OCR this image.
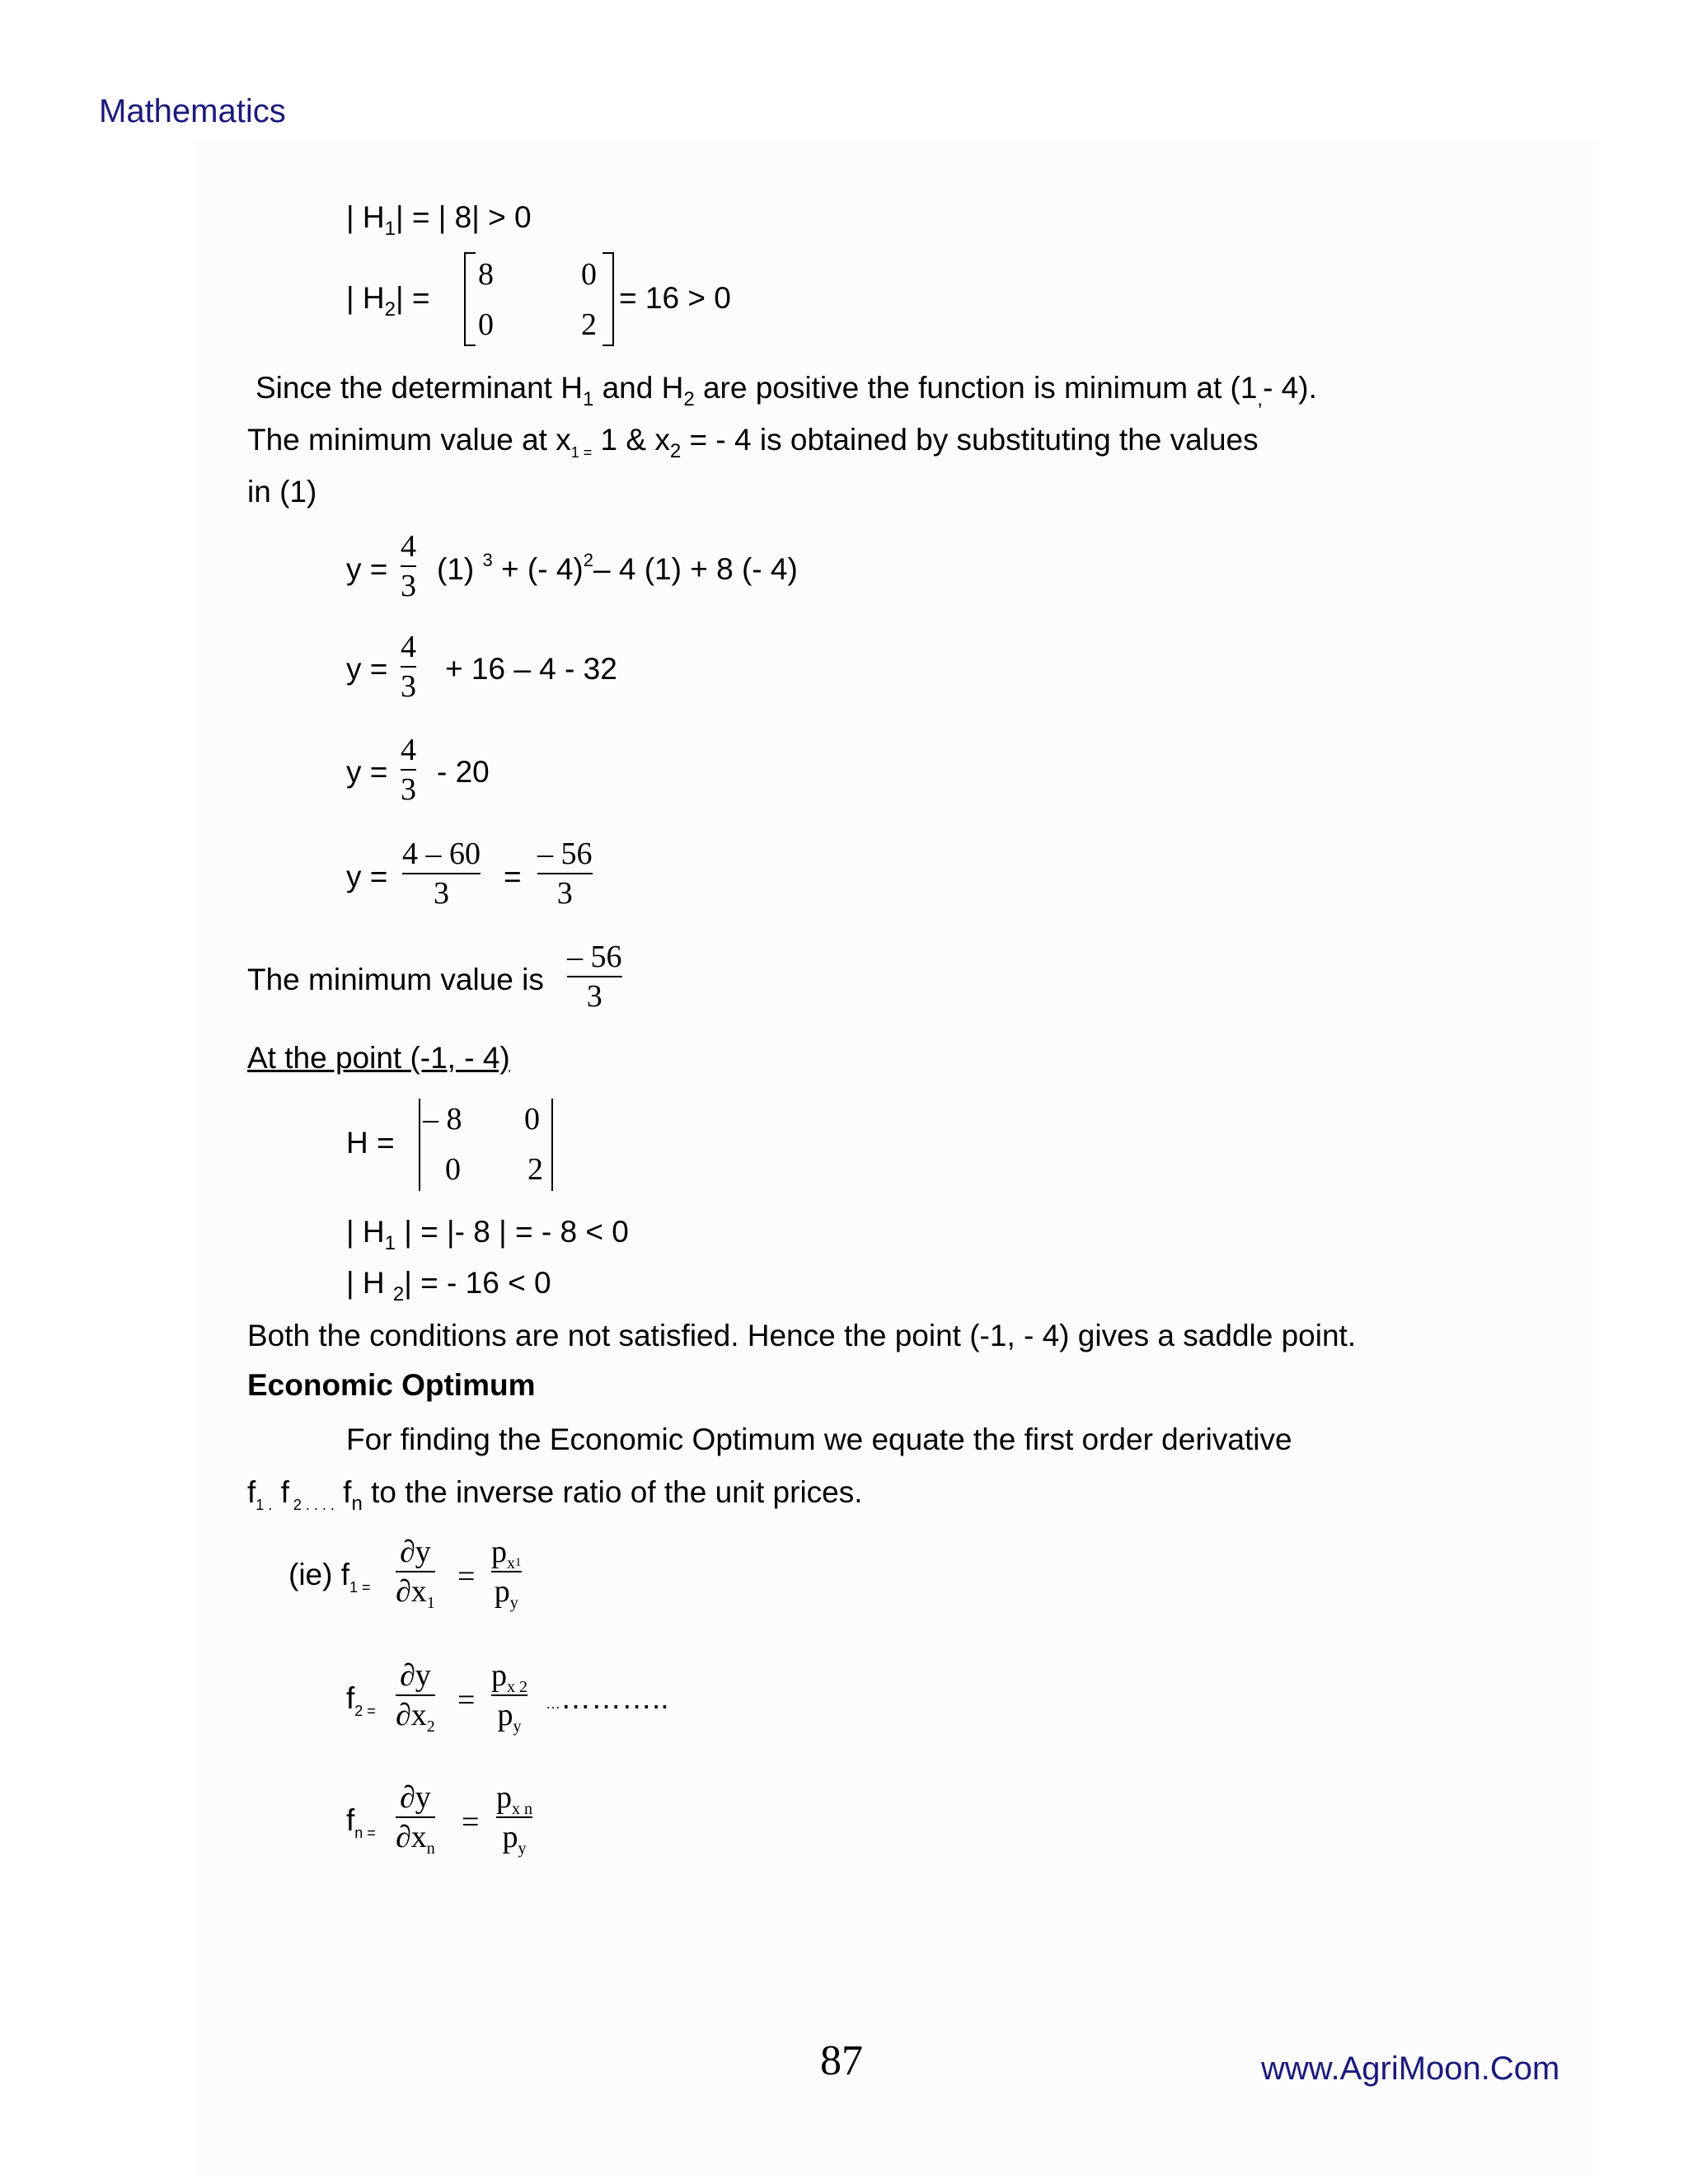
Mathematics
| $H_1|$ = | 8| > 0
| $H_2|$ =
8	0
0	2
= 16 > 0
Since the determinant $H_1$ and $H_2$ are positive the function is minimum at ($1_,-$ 4).
The minimum value at $x_{1 =}$ 1 & $x_2$ = - 4 is obtained by substituting the values
in (1)
y =
4
3 (1) $^3$ + (- 4)$^2$– 4 (1) + 8 (- 4)
y =
4
3
+ 16 – 4 - 32
y =
4
3
- 20
y =
4 – 60
3 =
– 56
3
The minimum value is
– 56
3
At the point (-1, - 4)
H =
– 8 0
0 2
| $H_1$ | = |- 8 | = - 8 < 0
| H $_2$| = - 16 < 0
Both the conditions are not satisfied. Hence the point (-1, - 4) gives a saddle point.
Economic Optimum
For finding the Economic Optimum we equate the first order derivative
$f_{1 .}$ f $_{2 . . . .}$ $f_n$ to the inverse ratio of the unit prices.
(ie) $f_{1 =}$
∂y
$\partial x_1$
=
$p_x1$
$p_y$
$f_{2 =}$
∂y
$\partial x_2$
=
$p_{x 2}$
$p_y$
…………..
$f_{n =}$
∂y
$\partial x_n$
=
$p_{x n}$
$p_y$
87	www.AgriMoon.Com
